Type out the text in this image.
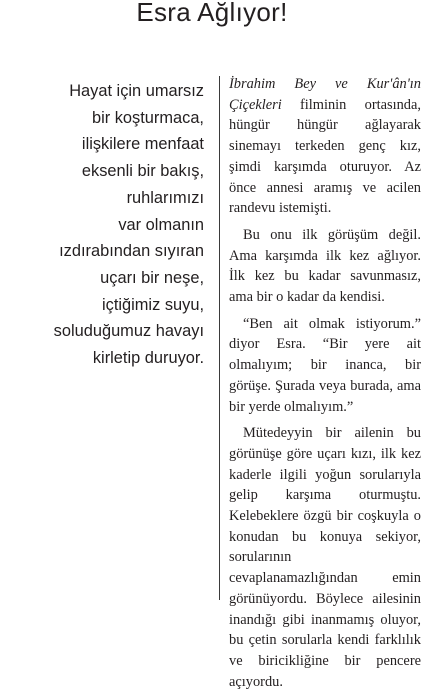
Esra Ağlıyor!
Hayat için umarsız
bir koşturmaca,
ilişkilere menfaat
eksenli bir bakış,
ruhlarımızı
var olmanın
ızdırabından sıyıran
uçarı bir neşe,
içtiğimiz suyu,
soluduğumuz havayı
kirletip duruyor.

İbrahim Bey ve Kur'ân'ın Çiçekleri filminin ortasında, hüngür hüngür ağlayarak sinemayı terkeden genç kız, şimdi karşımda oturuyor. Az önce annesi aramış ve acilen randevu istemişti.

Bu onu ilk görüşüm değil. Ama karşımda ilk kez ağlıyor. İlk kez bu kadar savunmasız, ama bir o kadar da kendisi.

“Ben ait olmak istiyorum.” diyor Esra. “Bir yere ait olmalıyım; bir inanca, bir görüşe. Şurada veya burada, ama bir yerde olmalıyım.”

Mütedeyyin bir ailenin bu görünüşe göre uçarı kızı, ilk kez kaderle ilgili yoğun sorularıyla gelip karşıma oturmuştu. Kelebeklere özgü bir coşkuyla o konudan bu konuya sekiyor, sorularının cevaplanamazlığından emin görünüyordu. Böylece ailesinin inandığı gibi inanmamış oluyor, bu çetin sorularla kendi farklılık ve biricikliğine bir pencere açıyordu.
